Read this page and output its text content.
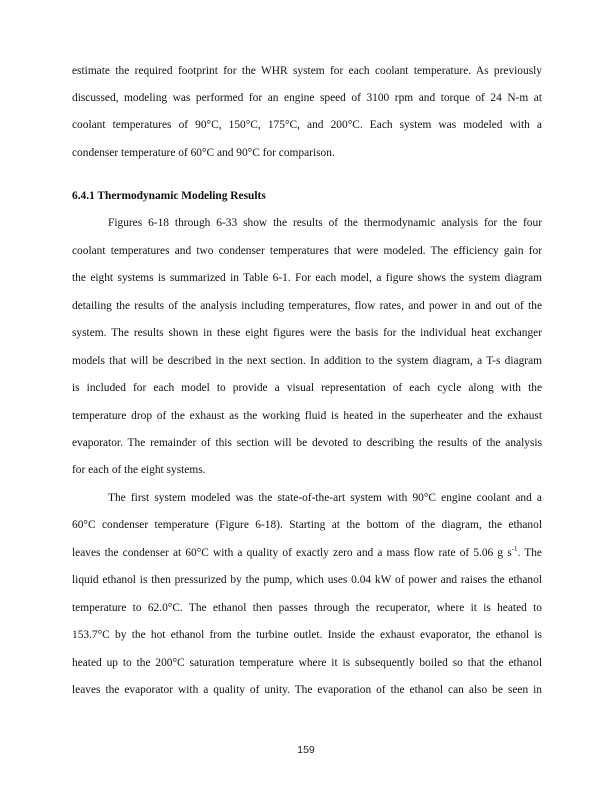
estimate the required footprint for the WHR system for each coolant temperature. As previously
discussed, modeling was performed for an engine speed of 3100 rpm and torque of 24 N-m at
coolant temperatures of 90°C, 150°C, 175°C, and 200°C. Each system was modeled with a
condenser temperature of 60°C and 90°C for comparison.
6.4.1 Thermodynamic Modeling Results
Figures 6-18 through 6-33 show the results of the thermodynamic analysis for the four
coolant temperatures and two condenser temperatures that were modeled. The efficiency gain for
the eight systems is summarized in Table 6-1. For each model, a figure shows the system diagram
detailing the results of the analysis including temperatures, flow rates, and power in and out of the
system. The results shown in these eight figures were the basis for the individual heat exchanger
models that will be described in the next section. In addition to the system diagram, a T-s diagram
is included for each model to provide a visual representation of each cycle along with the
temperature drop of the exhaust as the working fluid is heated in the superheater and the exhaust
evaporator. The remainder of this section will be devoted to describing the results of the analysis
for each of the eight systems.
The first system modeled was the state-of-the-art system with 90°C engine coolant and a
60°C condenser temperature (Figure 6-18). Starting at the bottom of the diagram, the ethanol
leaves the condenser at 60°C with a quality of exactly zero and a mass flow rate of 5.06 g $s^{-1}$. The
liquid ethanol is then pressurized by the pump, which uses 0.04 kW of power and raises the ethanol
temperature to 62.0°C. The ethanol then passes through the recuperator, where it is heated to
153.7°C by the hot ethanol from the turbine outlet. Inside the exhaust evaporator, the ethanol is
heated up to the 200°C saturation temperature where it is subsequently boiled so that the ethanol
leaves the evaporator with a quality of unity. The evaporation of the ethanol can also be seen in
159
